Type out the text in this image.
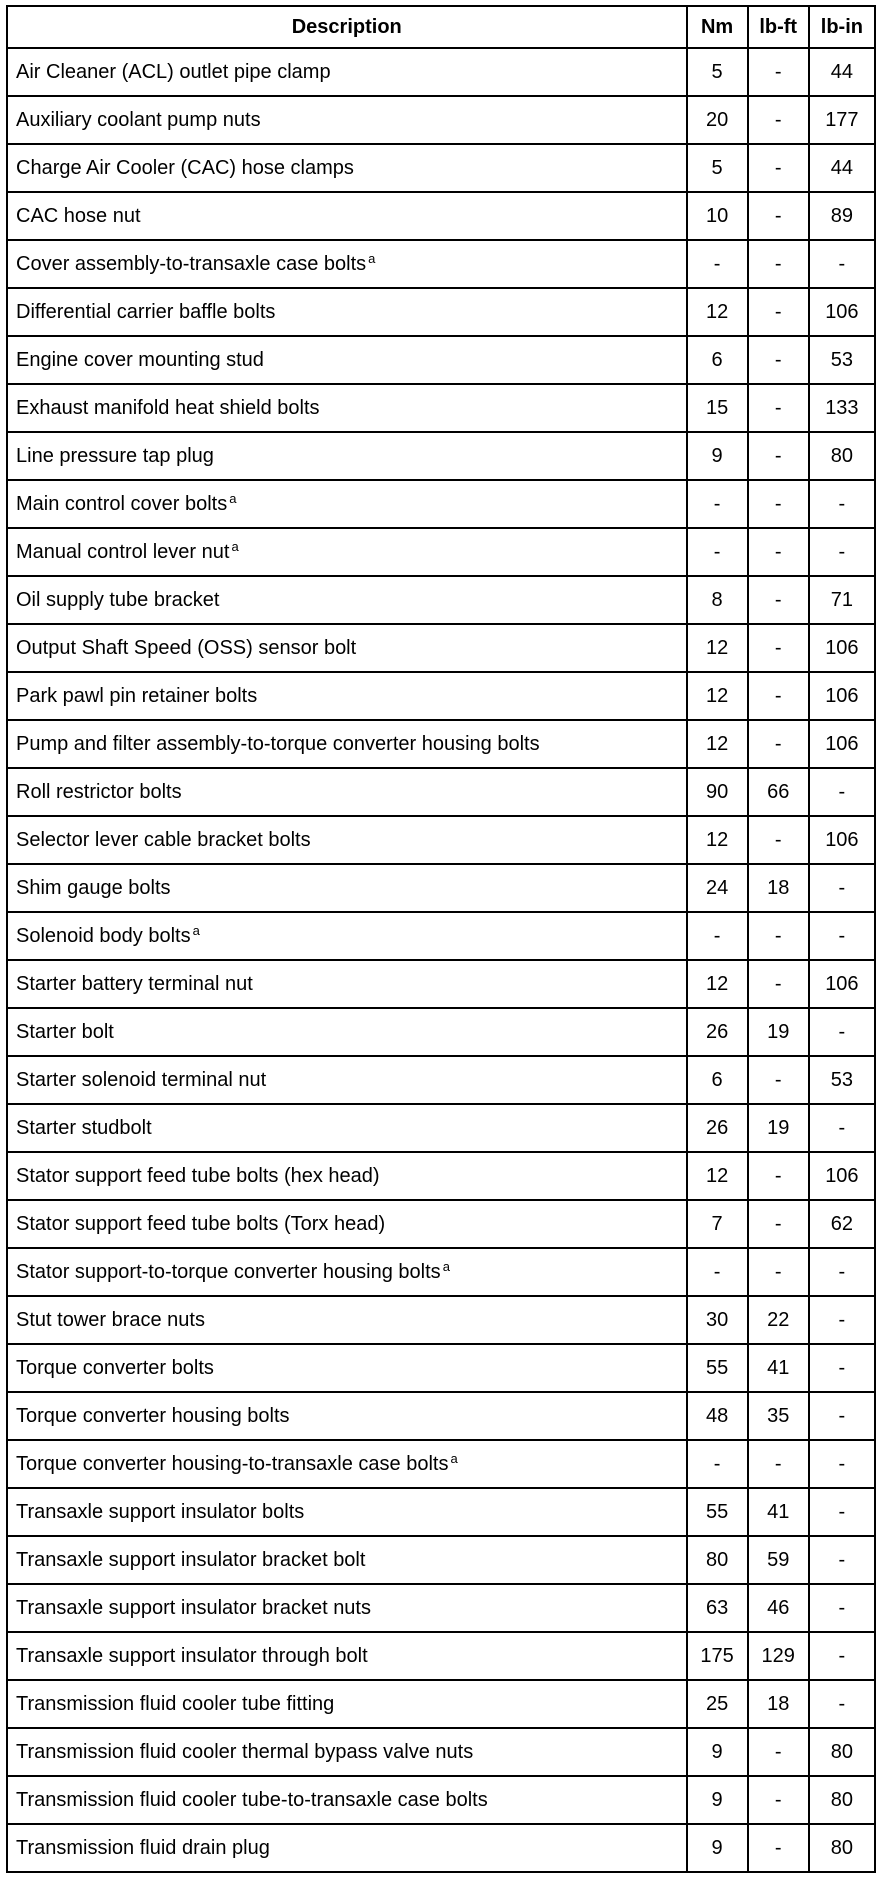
Description	Nm	lb-ft	lb-in
Air Cleaner (ACL) outlet pipe clamp	5	-	44
Auxiliary coolant pump nuts	20	-	177
Charge Air Cooler (CAC) hose clamps	5	-	44
CAC hose nut	10	-	89
Cover assembly-to-transaxle case bolts $^a$	-	-	-
Differential carrier baffle bolts	12	-	106
Engine cover mounting stud	6	-	53
Exhaust manifold heat shield bolts	15	-	133
Line pressure tap plug	9	-	80
Main control cover bolts $^a$	-	-	-
Manual control lever nut $^a$	-	-	-
Oil supply tube bracket	8	-	71
Output Shaft Speed (OSS) sensor bolt	12	-	106
Park pawl pin retainer bolts	12	-	106
Pump and filter assembly-to-torque converter housing bolts	12	-	106
Roll restrictor bolts	90	66	-
Selector lever cable bracket bolts	12	-	106
Shim gauge bolts	24	18	-
Solenoid body bolts $^a$	-	-	-
Starter battery terminal nut	12	-	106
Starter bolt	26	19	-
Starter solenoid terminal nut	6	-	53
Starter studbolt	26	19	-
Stator support feed tube bolts (hex head)	12	-	106
Stator support feed tube bolts (Torx head)	7	-	62
Stator support-to-torque converter housing bolts $^a$	-	-	-
Stut tower brace nuts	30	22	-
Torque converter bolts	55	41	-
Torque converter housing bolts	48	35	-
Torque converter housing-to-transaxle case bolts $^a$	-	-	-
Transaxle support insulator bolts	55	41	-
Transaxle support insulator bracket bolt	80	59	-
Transaxle support insulator bracket nuts	63	46	-
Transaxle support insulator through bolt	175	129	-
Transmission fluid cooler tube fitting	25	18	-
Transmission fluid cooler thermal bypass valve nuts	9	-	80
Transmission fluid cooler tube-to-transaxle case bolts	9	-	80
Transmission fluid drain plug	9	-	80
